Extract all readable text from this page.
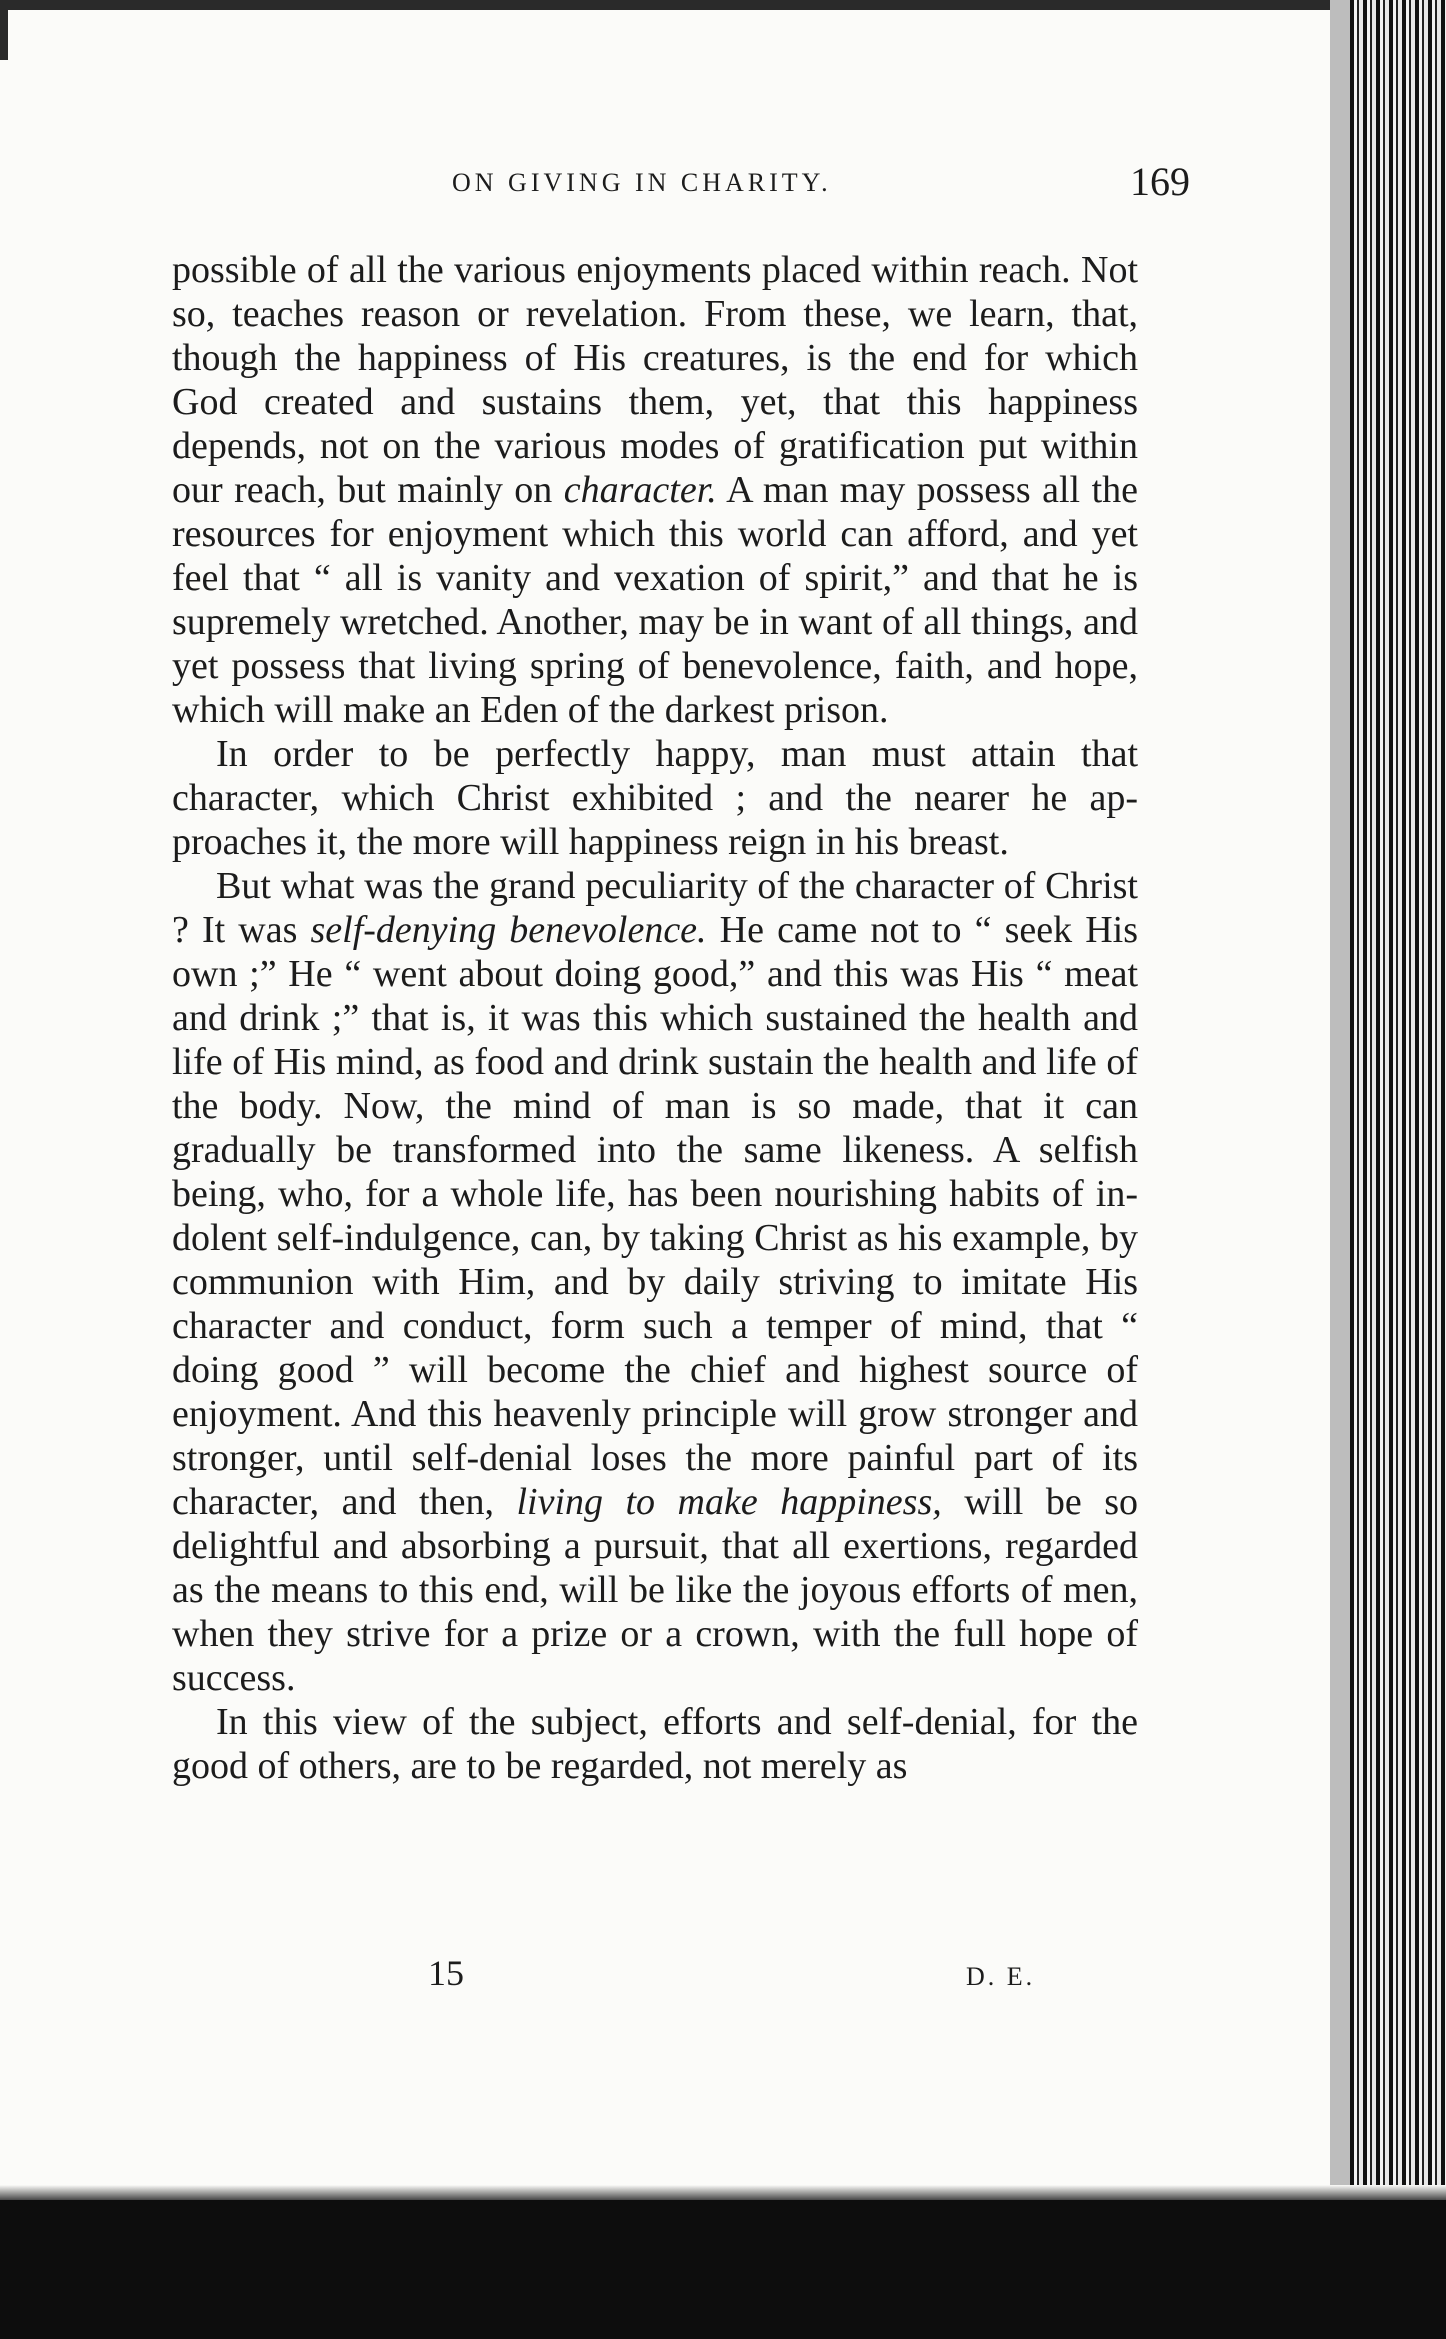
ON GIVING IN CHARITY.	169

possible of all the various enjoyments placed within reach. Not so, teaches reason or revelation. From these, we learn, that, though the happiness of His creatures, is the end for which God created and sustains them, yet, that this happiness depends, not on the various modes of gratification put within our reach, but mainly on character. A man may possess all the resources for enjoyment which this world can afford, and yet feel that “ all is vanity and vexation of spirit,” and that he is supremely wretched. Another, may be in want of all things, and yet possess that living spring of benevolence, faith, and hope, which will make an Eden of the darkest prison.

In order to be perfectly happy, man must attain that character, which Christ exhibited ; and the nearer he approaches it, the more will happiness reign in his breast.

But what was the grand peculiarity of the character of Christ ? It was self-denying benevolence. He came not to “ seek His own ;” He “ went about doing good,” and this was His “ meat and drink ;” that is, it was this which sustained the health and life of His mind, as food and drink sustain the health and life of the body. Now, the mind of man is so made, that it can gradually be transformed into the same likeness. A selfish being, who, for a whole life, has been nourishing habits of indolent self-indulgence, can, by taking Christ as his example, by communion with Him, and by daily striving to imitate His character and conduct, form such a temper of mind, that “ doing good ” will become the chief and highest source of enjoyment. And this heavenly principle will grow stronger and stronger, until self-denial loses the more painful part of its character, and then, living to make happiness, will be so delightful and absorbing a pursuit, that all exertions, regarded as the means to this end, will be like the joyous efforts of men, when they strive for a prize or a crown, with the full hope of success.

In this view of the subject, efforts and self-denial, for the good of others, are to be regarded, not merely as

15	D. E.
